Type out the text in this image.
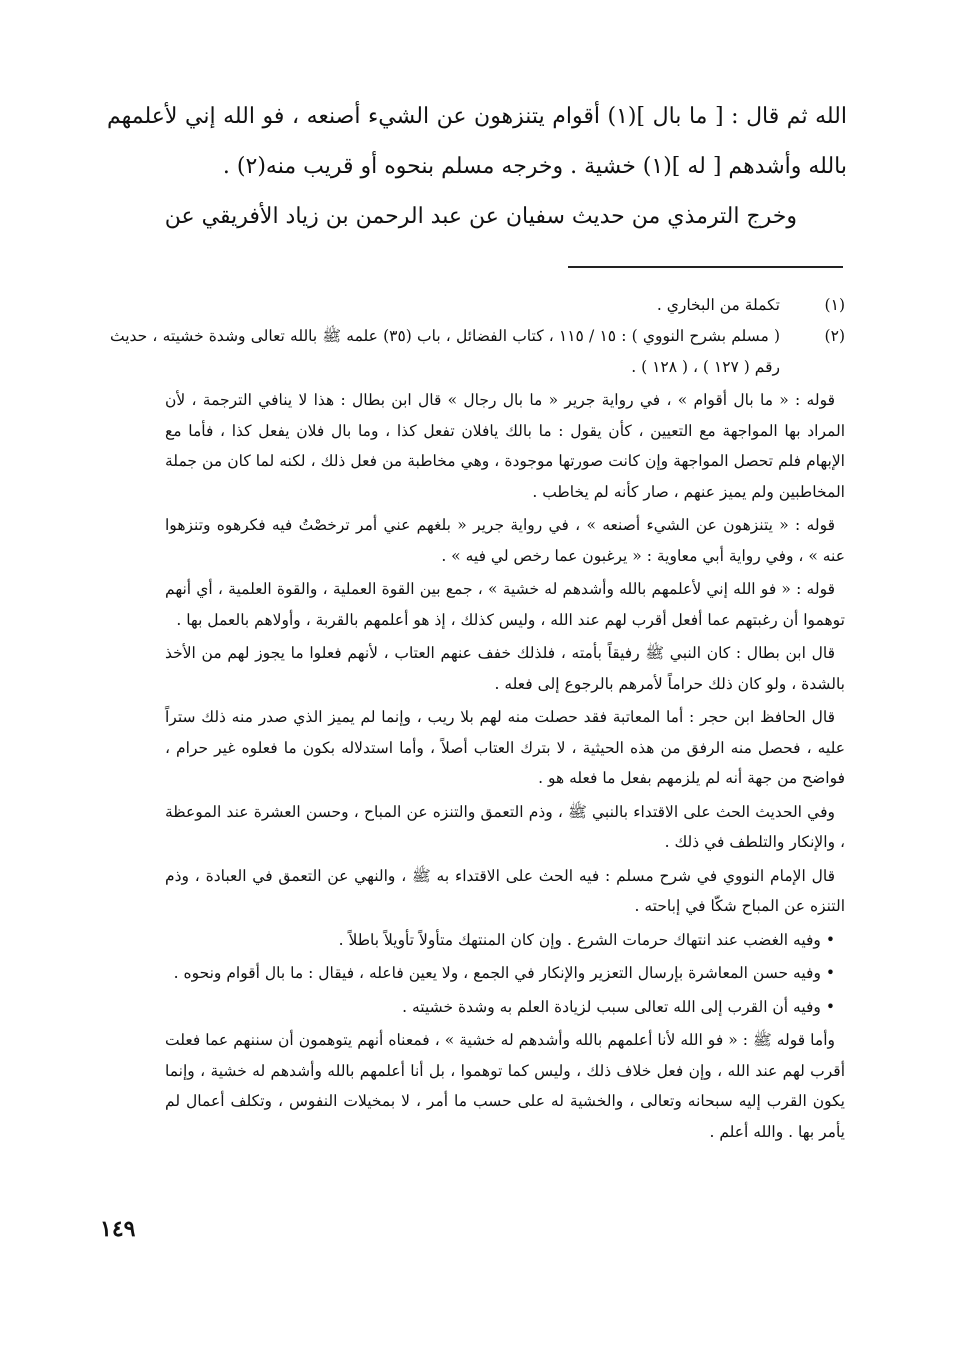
الله ثم قال : [ ما بال ](١) أقوام يتنزهون عن الشيء أصنعه ، فو الله إني لأعلمهم بالله وأشدهم [ له ](١) خشية . وخرجه مسلم بنحوه أو قريب منه(٢) .

وخرج الترمذي من حديث سفيان عن عبد الرحمن بن زياد الأفريقي عن

(١)
تكملة من البخاري .
(٢)
( مسلم بشرح النووي ) : ١٥ / ١١٥ ، كتاب الفضائل ، باب (٣٥) علمه ﷺ بالله تعالى وشدة خشيته ، حديث رقم ( ١٢٧ ) ، ( ١٢٨ ) .

قوله : « ما بال أقوام » ، في رواية جرير « ما بال رجال » قال ابن بطال : هذا لا ينافي الترجمة ، لأن المراد بها المواجهة مع التعيين ، كأن يقول : ما بالك يافلان تفعل كذا ، وما بال فلان يفعل كذا ، فأما مع الإبهام فلم تحصل المواجهة وإن كانت صورتها موجودة ، وهي مخاطبة من فعل ذلك ، لكنه لما كان من جملة المخاطبين ولم يميز عنهم ، صار كأنه لم يخاطب .

قوله : « يتنزهون عن الشيء أصنعه » ، في رواية جرير « بلغهم عني أمر ترخصْتُ فيه فكرهوه وتنزهوا عنه » ، وفي رواية أبي معاوية : « يرغبون عما رخص لي فيه » .

قوله : « فو الله إني لأعلمهم بالله وأشدهم له خشية » ، جمع بين القوة العملية ، والقوة العلمية ، أي أنهم توهموا أن رغبتهم عما أفعل أقرب لهم عند الله ، وليس كذلك ، إذ هو أعلمهم بالقربة ، وأولاهم بالعمل بها .

قال ابن بطال : كان النبي ﷺ رفيقاً بأمته ، فلذلك خفف عنهم العتاب ، لأنهم فعلوا ما يجوز لهم من الأخذ بالشدة ، ولو كان ذلك حراماً لأمرهم بالرجوع إلى فعله .

قال الحافظ ابن حجر : أما المعاتبة فقد حصلت منه لهم بلا ريب ، وإنما لم يميز الذي صدر منه ذلك ستراً عليه ، فحصل منه الرفق من هذه الحيثية ، لا بترك العتاب أصلاً ، وأما استدلاله بكون ما فعلوه غير حرام ، فواضح من جهة أنه لم يلزمهم بفعل ما فعله هو .

وفي الحديث الحث على الاقتداء بالنبي ﷺ ، وذم التعمق والتنزه عن المباح ، وحسن العشرة عند الموعظة ، والإنكار والتلطف في ذلك .

قال الإمام النووي في شرح مسلم : فيه الحث على الاقتداء به ﷺ ، والنهي عن التعمق في العبادة ، وذم التنزه عن المباح شكّا في إباحته .

• وفيه الغضب عند انتهاك حرمات الشرع . وإن كان المنتهك متأولاً تأويلاً باطلاً .

• وفيه حسن المعاشرة بإرسال التعزير والإنكار في الجمع ، ولا يعين فاعله ، فيقال : ما بال أقوام ونحوه .

• وفيه أن القرب إلى الله تعالى سبب لزيادة العلم به وشدة خشيته .

وأما قوله ﷺ : « فو الله لأنا أعلمهم بالله وأشدهم له خشية » ، فمعناه أنهم يتوهمون أن سننهم عما فعلت أقرب لهم عند الله ، وإن فعل خلاف ذلك ، وليس كما توهموا ، بل أنا أعلمهم بالله وأشدهم له خشية ، وإنما يكون القرب إليه سبحانه وتعالى ، والخشية له على حسب ما أمر ، لا بمخيلات النفوس ، وتكلف أعمال لم يأمر بها . والله أعلم .

١٤٩
